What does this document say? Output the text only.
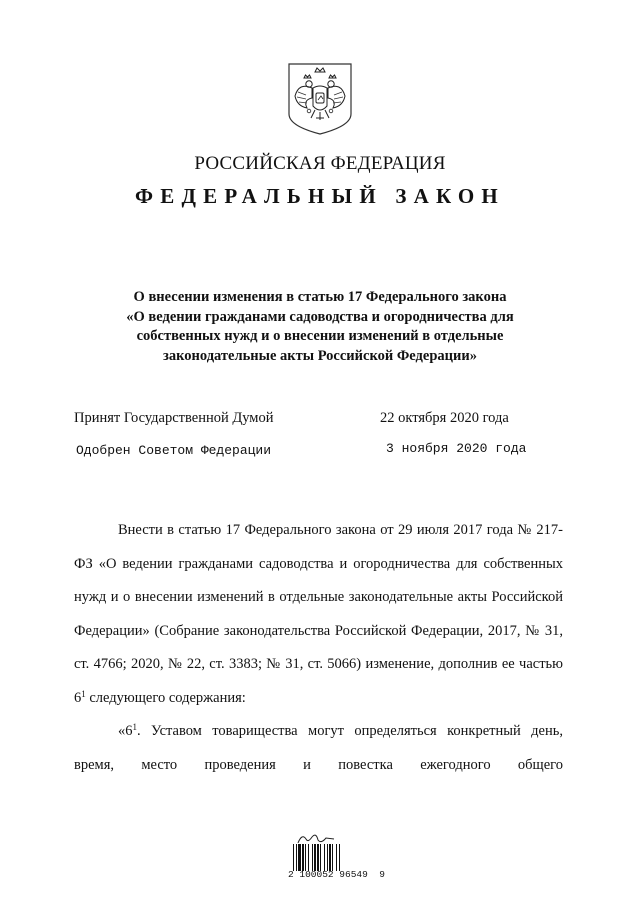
РОССИЙСКАЯ ФЕДЕРАЦИЯ
ФЕДЕРАЛЬНЫЙ ЗАКОН
О внесении изменения в статью 17 Федерального закона
«О ведении гражданами садоводства и огородничества для
собственных нужд и о внесении изменений в отдельные
законодательные акты Российской Федерации»
Принят Государственной Думой	22 октября 2020 года
Одобрен Советом Федерации	3 ноября 2020 года

Внести в статью 17 Федерального закона от 29 июля 2017 года № 217-ФЗ «О ведении гражданами садоводства и огородничества для собственных нужд и о внесении изменений в отдельные законодательные акты Российской Федерации» (Собрание законодательства Российской Федерации, 2017, № 31, ст. 4766; 2020, № 22, ст. 3383; № 31, ст. 5066) изменение, дополнив ее частью $6^1$ следующего содержания:

«$6^1$. Уставом товарищества могут определяться конкретный день, время, место проведения и повестка ежегодного общего

2 100052 96549  9
